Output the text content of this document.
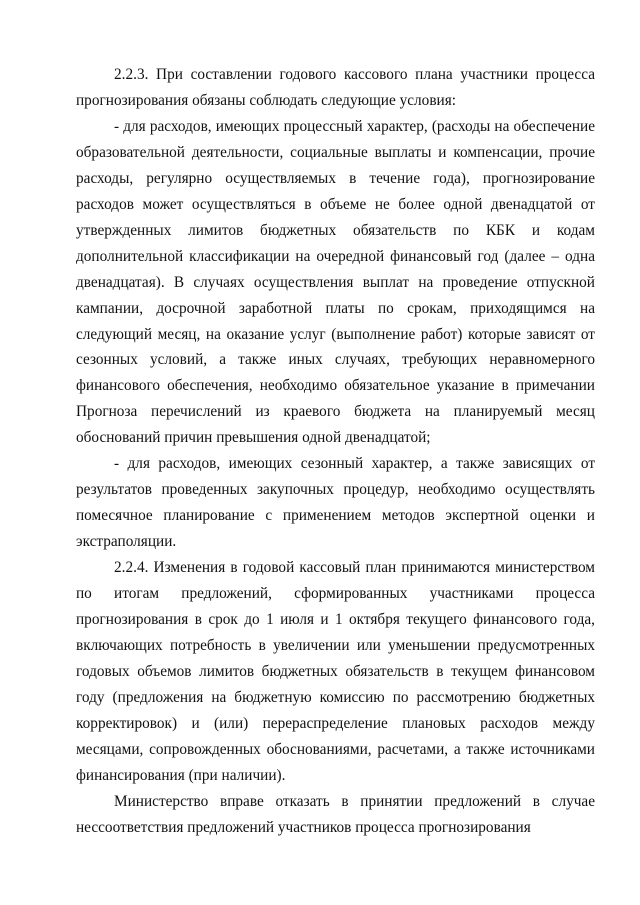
2.2.3. При составлении годового кассового плана участники процесса прогнозирования обязаны соблюдать следующие условия:

- для расходов, имеющих процессный характер, (расходы на обеспечение образовательной деятельности, социальные выплаты и компенсации, прочие расходы, регулярно осуществляемых в течение года), прогнозирование расходов может осуществляться в объеме не более одной двенадцатой от утвержденных лимитов бюджетных обязательств по КБК и кодам дополнительной классификации на очередной финансовый год (далее – одна двенадцатая). В случаях осуществления выплат на проведение отпускной кампании, досрочной заработной платы по срокам, приходящимся на следующий месяц, на оказание услуг (выполнение работ) которые зависят от сезонных условий, а также иных случаях, требующих неравномерного финансового обеспечения, необходимо обязательное указание в примечании Прогноза перечислений из краевого бюджета на планируемый месяц обоснований причин превышения одной двенадцатой;

- для расходов, имеющих сезонный характер, а также зависящих от результатов проведенных закупочных процедур, необходимо осуществлять помесячное планирование с применением методов экспертной оценки и экстраполяции.

2.2.4. Изменения в годовой кассовый план принимаются министерством по итогам предложений, сформированных участниками процесса прогнозирования в срок до 1 июля и 1 октября текущего финансового года, включающих потребность в увеличении или уменьшении предусмотренных годовых объемов лимитов бюджетных обязательств в текущем финансовом году (предложения на бюджетную комиссию по рассмотрению бюджетных корректировок) и (или) перераспределение плановых расходов между месяцами, сопровожденных обоснованиями, расчетами, а также источниками финансирования (при наличии).

Министерство вправе отказать в принятии предложений в случае нессоответствия предложений участников процесса прогнозирования
